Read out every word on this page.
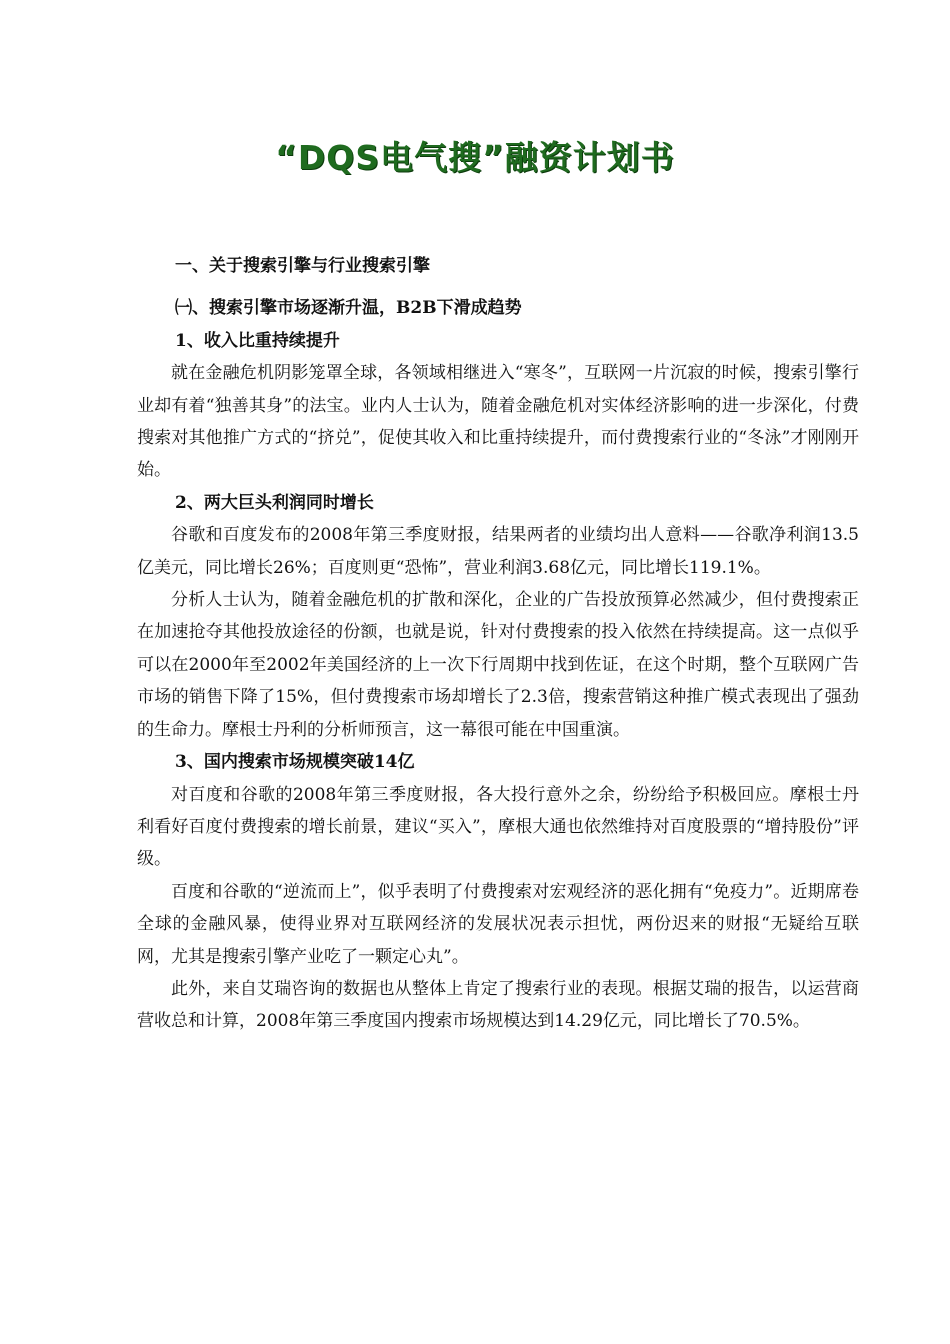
“DQS电气搜”融资计划书

一、关于搜索引擎与行业搜索引擎

㈠、搜索引擎市场逐渐升温，B2B下滑成趋势

1、收入比重持续提升

就在金融危机阴影笼罩全球，各领域相继进入“寒冬”，互联网一片沉寂的时候，搜索引擎行业却有着“独善其身”的法宝。业内人士认为，随着金融危机对实体经济影响的进一步深化，付费搜索对其他推广方式的“挤兑”，促使其收入和比重持续提升，而付费搜索行业的“冬泳”才刚刚开始。

2、两大巨头利润同时增长

谷歌和百度发布的2008年第三季度财报，结果两者的业绩均出人意料——谷歌净利润13.5亿美元，同比增长26%；百度则更“恐怖”，营业利润3.68亿元，同比增长119.1%。

分析人士认为，随着金融危机的扩散和深化，企业的广告投放预算必然减少，但付费搜索正在加速抢夺其他投放途径的份额，也就是说，针对付费搜索的投入依然在持续提高。这一点似乎可以在2000年至2002年美国经济的上一次下行周期中找到佐证，在这个时期，整个互联网广告市场的销售下降了15%，但付费搜索市场却增长了2.3倍，搜索营销这种推广模式表现出了强劲的生命力。摩根士丹利的分析师预言，这一幕很可能在中国重演。

3、国内搜索市场规模突破14亿

对百度和谷歌的2008年第三季度财报，各大投行意外之余，纷纷给予积极回应。摩根士丹利看好百度付费搜索的增长前景，建议“买入”，摩根大通也依然维持对百度股票的“增持股份”评级。

百度和谷歌的“逆流而上”，似乎表明了付费搜索对宏观经济的恶化拥有“免疫力”。近期席卷全球的金融风暴，使得业界对互联网经济的发展状况表示担忧，两份迟来的财报“无疑给互联网，尤其是搜索引擎产业吃了一颗定心丸”。

此外，来自艾瑞咨询的数据也从整体上肯定了搜索行业的表现。根据艾瑞的报告，以运营商营收总和计算，2008年第三季度国内搜索市场规模达到14.29亿元，同比增长了70.5%。
